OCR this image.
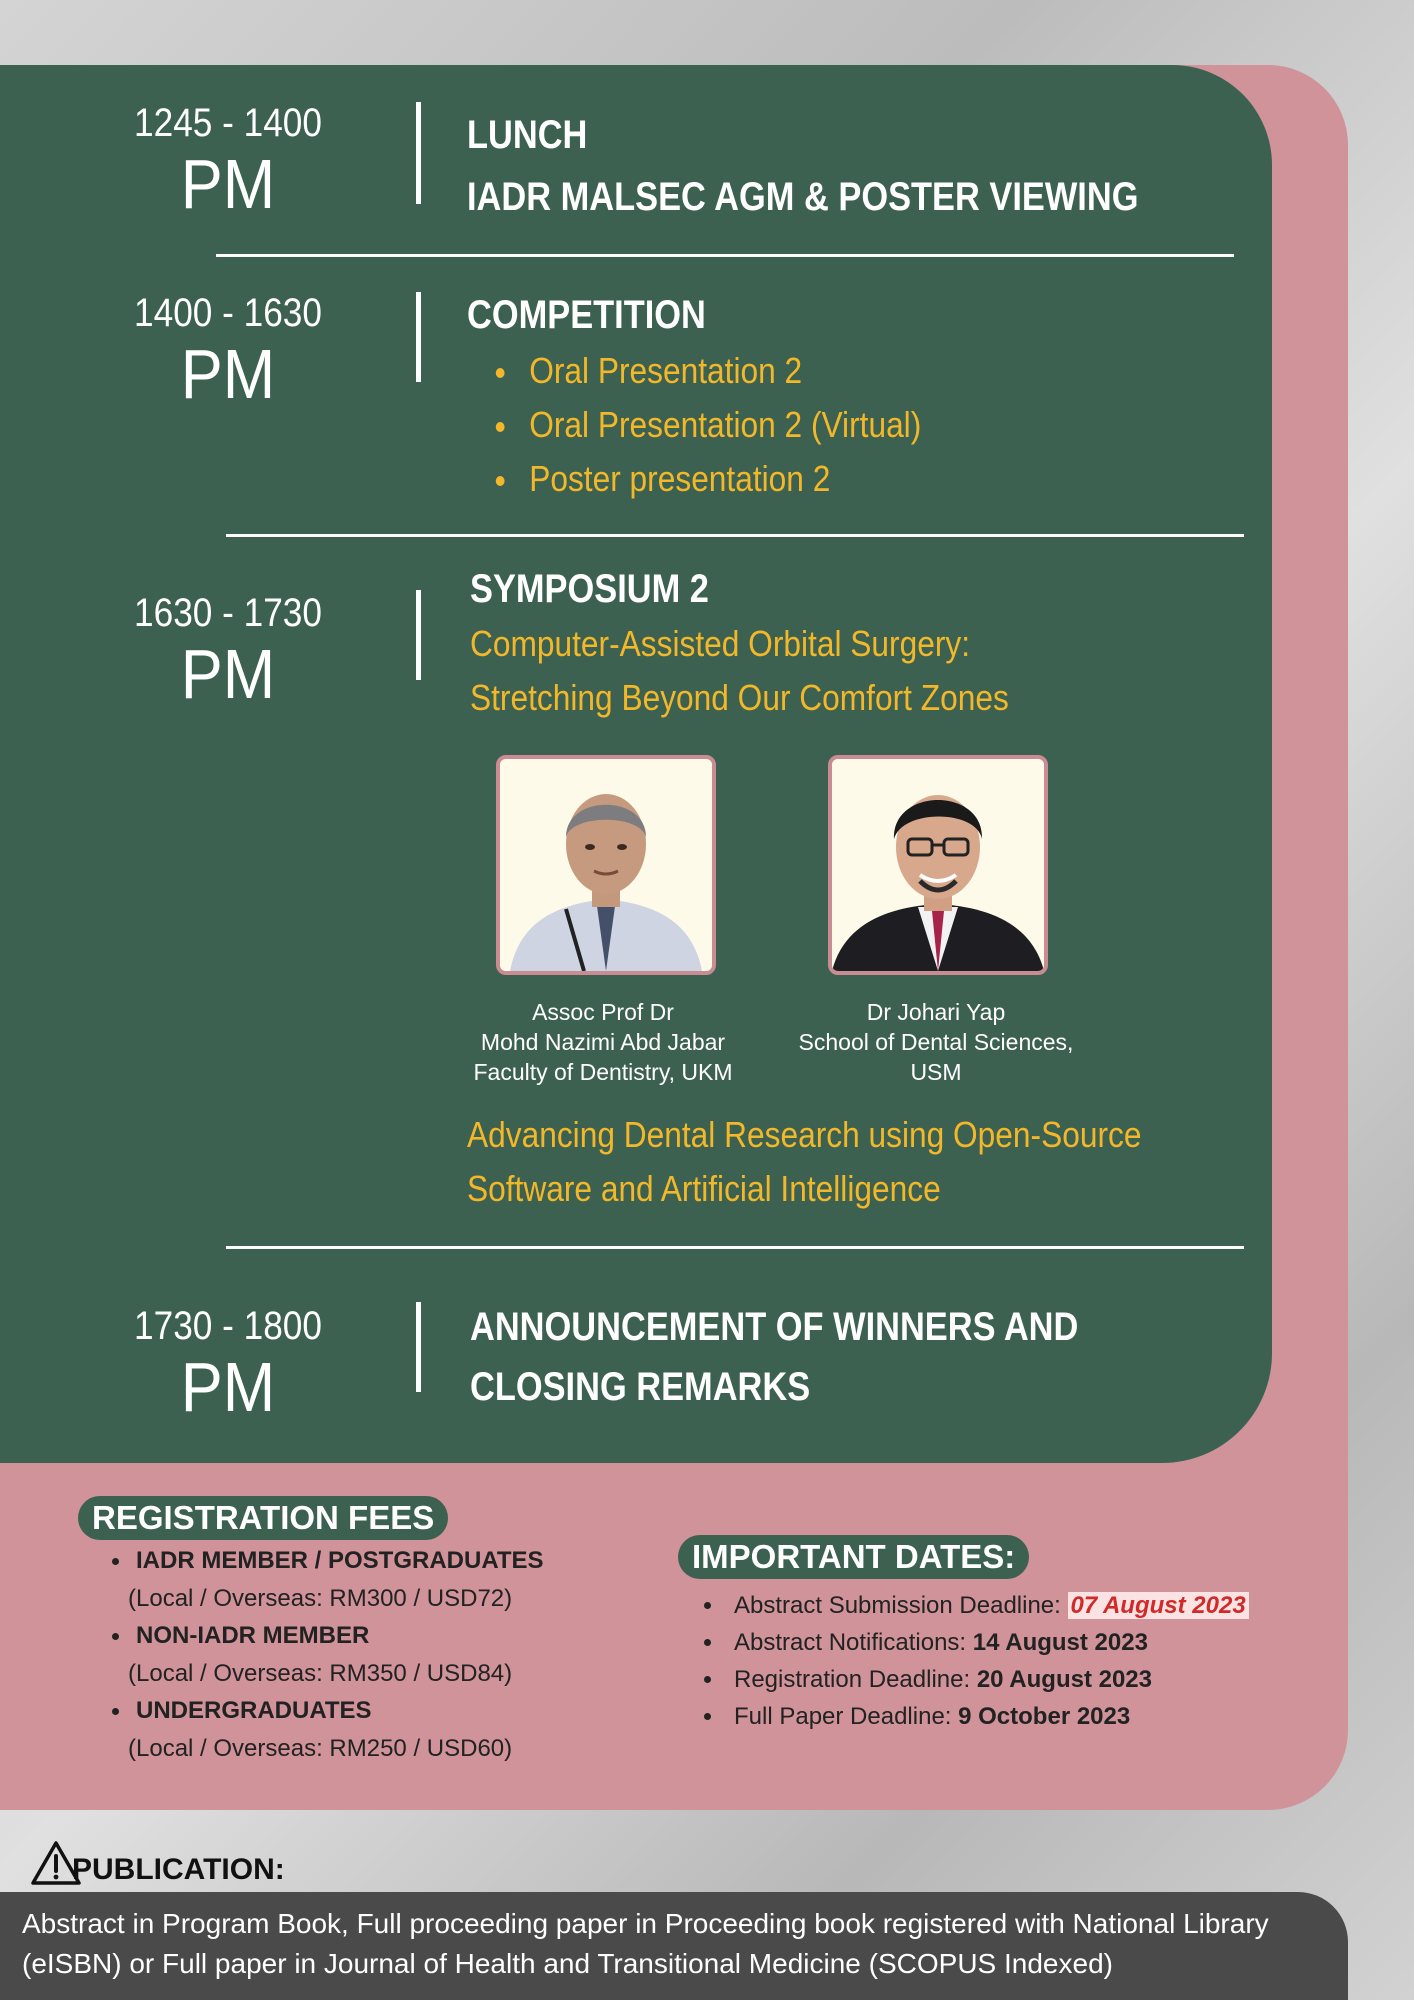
1245 - 1400
PM
LUNCH
IADR MALSEC AGM & POSTER VIEWING
1400 - 1630
PM
COMPETITION
Oral Presentation 2
Oral Presentation 2 (Virtual)
Poster presentation 2
1630 - 1730
PM
SYMPOSIUM 2
Computer-Assisted Orbital Surgery:
Stretching Beyond Our Comfort Zones
Assoc Prof Dr
Mohd Nazimi Abd Jabar
Faculty of Dentistry, UKM
Dr Johari Yap
School of Dental Sciences,
USM
Advancing Dental Research using Open-Source
Software and Artificial Intelligence
1730 - 1800
PM
ANNOUNCEMENT OF WINNERS AND
CLOSING REMARKS
REGISTRATION FEES
IADR MEMBER / POSTGRADUATES
(Local / Overseas: RM300 / USD72)
NON-IADR MEMBER
(Local / Overseas: RM350 / USD84)
UNDERGRADUATES
(Local / Overseas: RM250 / USD60)
IMPORTANT DATES:
Abstract Submission Deadline: 07 August 2023
Abstract Notifications: 14 August 2023
Registration Deadline: 20 August 2023
Full Paper Deadline: 9 October 2023
PUBLICATION:
Abstract in Program Book, Full proceeding paper in Proceeding book registered with National Library (eISBN) or Full paper in Journal of Health and Transitional Medicine (SCOPUS Indexed)
